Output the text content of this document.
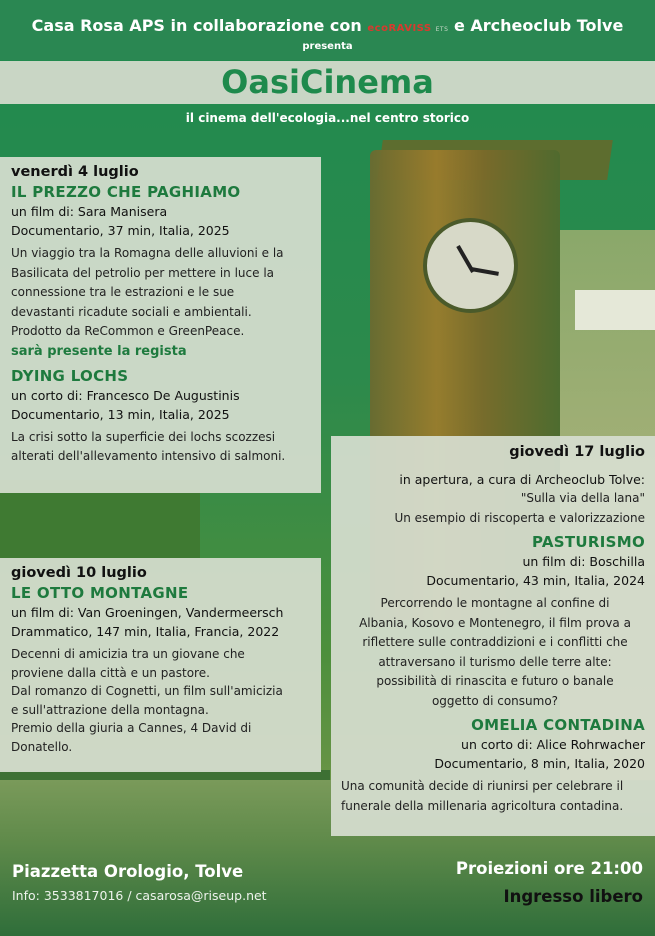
Casa Rosa APS in collaborazione con ecoRAVISS ETS e Archeoclub Tolve
presenta
OasiCinema
il cinema dell'ecologia...nel centro storico
venerdì 4 luglio
IL PREZZO CHE PAGHIAMO
un film di: Sara Manisera
Documentario, 37 min, Italia, 2025
Un viaggio tra la Romagna delle alluvioni e la
Basilicata del petrolio per mettere in luce la
connessione tra le estrazioni e le sue
devastanti ricadute sociali e ambientali.
Prodotto da ReCommon e GreenPeace.
sarà presente la regista
DYING LOCHS
un corto di: Francesco De Augustinis
Documentario, 13 min, Italia, 2025
La crisi sotto la superficie dei lochs scozzesi
alterati dell'allevamento intensivo di salmoni.
giovedì 10 luglio
LE OTTO MONTAGNE
un film di: Van Groeningen, Vandermeersch
Drammatico, 147 min, Italia, Francia, 2022
Decenni di amicizia tra un giovane che
proviene dalla città e un pastore.
Dal romanzo di Cognetti, un film sull'amicizia
e sull'attrazione della montagna.
Premio della giuria a Cannes, 4 David di
Donatello.
giovedì 17 luglio
in apertura, a cura di Archeoclub Tolve:
"Sulla via della lana"
Un esempio di riscoperta e valorizzazione
PASTURISMO
un film di: Boschilla
Documentario, 43 min, Italia, 2024
Percorrendo le montagne al confine di
Albania, Kosovo e Montenegro, il film prova a
riflettere sulle contraddizioni e i conflitti che
attraversano il turismo delle terre alte:
possibilità di rinascita e futuro o banale
oggetto di consumo?
OMELIA CONTADINA
un corto di: Alice Rohrwacher
Documentario, 8 min, Italia, 2020
Una comunità decide di riunirsi per celebrare il
funerale della millenaria agricoltura contadina.
Piazzetta Orologio, Tolve
Info: 3533817016 / casarosa@riseup.net
Proiezioni ore 21:00
Ingresso libero
